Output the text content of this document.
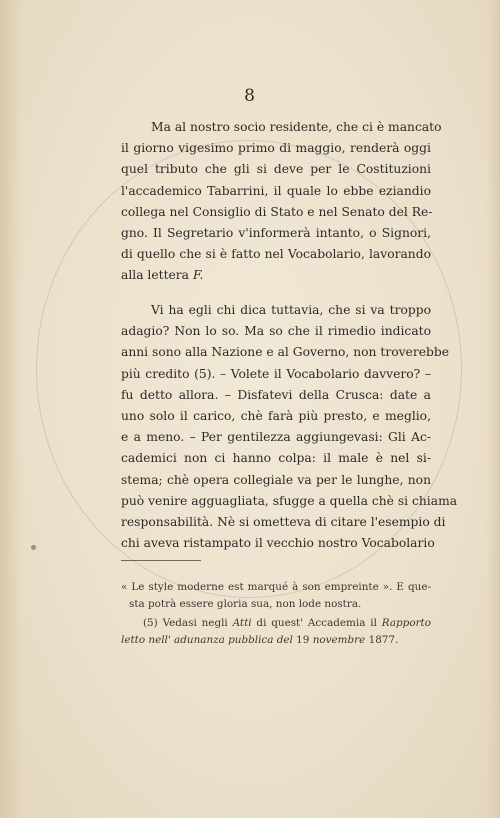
8
Ma al nostro socio residente, che ci è mancato
il giorno vigesimo primo di maggio, renderà oggi
quel tributo che gli si deve per le Costituzioni
l'accademico Tabarrini, il quale lo ebbe eziandio
collega nel Consiglio di Stato e nel Senato del Re-
gno. Il Segretario v'informerà intanto, o Signori,
di quello che si è fatto nel Vocabolario, lavorando
alla lettera F.
Vi ha egli chi dica tuttavia, che si va troppo
adagio? Non lo so. Ma so che il rimedio indicato
anni sono alla Nazione e al Governo, non troverebbe
più credito (5). – Volete il Vocabolario davvero? –
fu detto allora. – Disfatevi della Crusca: date a
uno solo il carico, chè farà più presto, e meglio,
e a meno. – Per gentilezza aggiungevasi: Gli Ac-
cademici non ci hanno colpa: il male è nel si-
stema; chè opera collegiale va per le lunghe, non
può venire agguagliata, sfugge a quella chè si chiama
responsabilità. Nè si ometteva di citare l'esempio di
chi aveva ristampato il vecchio nostro Vocabolario
« Le style moderne est marqué à son empreinte ». E que-
sta potrà essere gloria sua, non lode nostra.
(5) Vedasi negli Atti di quest' Accademia il Rapporto
letto nell' adunanza pubblica del 19 novembre 1877.
